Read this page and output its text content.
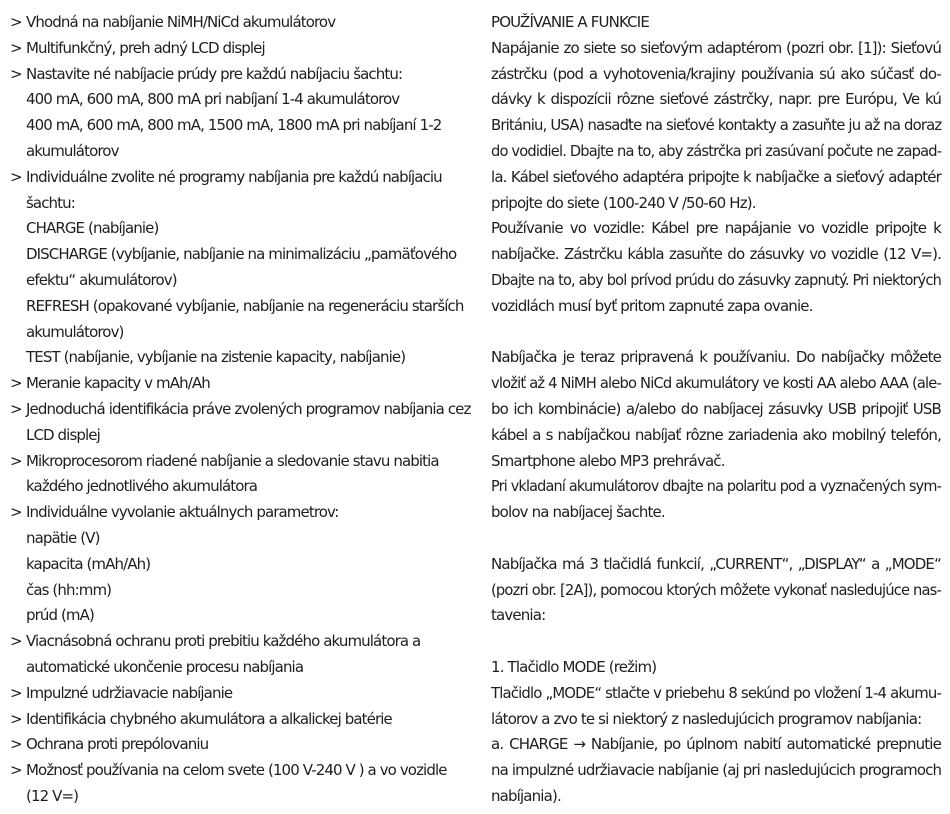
> Vhodná na nabíjanie NiMH/NiCd akumulátorov
> Multifunkčný, preh adný LCD displej
> Nastavite né nabíjacie prúdy pre každú nabíjaciu šachtu:
400 mA, 600 mA, 800 mA pri nabíjaní 1-4 akumulátorov
400 mA, 600 mA, 800 mA, 1500 mA, 1800 mA pri nabíjaní 1-2
akumulátorov
> Individuálne zvolite né programy nabíjania pre každú nabíjaciu
šachtu:
CHARGE (nabíjanie)
DISCHARGE (vybíjanie, nabíjanie na minimalizáciu „pamäťového
efektu“ akumulátorov)
REFRESH (opakované vybíjanie, nabíjanie na regeneráciu starších
akumulátorov)
TEST (nabíjanie, vybíjanie na zistenie kapacity, nabíjanie)
> Meranie kapacity v mAh/Ah
> Jednoduchá identifikácia práve zvolených programov nabíjania cez
LCD displej
> Mikroprocesorom riadené nabíjanie a sledovanie stavu nabitia
každého jednotlivého akumulátora
> Individuálne vyvolanie aktuálnych parametrov:
napätie (V)
kapacita (mAh/Ah)
čas (hh:mm)
prúd (mA)
> Viacnásobná ochranu proti prebitiu každého akumulátora a
automatické ukončenie procesu nabíjania
> Impulzné udržiavacie nabíjanie
> Identifikácia chybného akumulátora a alkalickej batérie
> Ochrana proti prepólovaniu
> Možnosť používania na celom svete (100 V-240 V ) a vo vozidle
(12 V=)
POUŽÍVANIE A FUNKCIE
Napájanie zo siete so sieťovým adaptérom (pozri obr. [1]): Sieťovú
zástrčku (pod a vyhotovenia/krajiny používania sú ako súčasť do-
dávky k dispozícii rôzne sieťové zástrčky, napr. pre Európu, Ve kú
Britániu, USA) nasaďte na sieťové kontakty a zasuňte ju až na doraz
do vodidiel. Dbajte na to, aby zástrčka pri zasúvaní počute ne zapad-
la. Kábel sieťového adaptéra pripojte k nabíjačke a sieťový adaptér
pripojte do siete (100-240 V /50-60 Hz).
Používanie vo vozidle: Kábel pre napájanie vo vozidle pripojte k
nabíjačke. Zástrčku kábla zasuňte do zásuvky vo vozidle (12 V=).
Dbajte na to, aby bol prívod prúdu do zásuvky zapnutý. Pri niektorých
vozidlách musí byť pritom zapnuté zapa ovanie.
Nabíjačka je teraz pripravená k používaniu. Do nabíjačky môžete
vložiť až 4 NiMH alebo NiCd akumulátory ve kosti AA alebo AAA (ale-
bo ich kombinácie) a/alebo do nabíjacej zásuvky USB pripojiť USB
kábel a s nabíjačkou nabíjať rôzne zariadenia ako mobilný telefón,
Smartphone alebo MP3 prehrávač.
Pri vkladaní akumulátorov dbajte na polaritu pod a vyznačených sym-
bolov na nabíjacej šachte.
Nabíjačka má 3 tlačidlá funkcií, „CURRENT“, „DISPLAY“ a „MODE“
(pozri obr. [2A]), pomocou ktorých môžete vykonať nasledujúce nas-
tavenia:
1. Tlačidlo MODE (režim)
Tlačidlo „MODE“ stlačte v priebehu 8 sekúnd po vložení 1-4 akumu-
látorov a zvo te si niektorý z nasledujúcich programov nabíjania:
a. CHARGE → Nabíjanie, po úplnom nabití automatické prepnutie
na impulzné udržiavacie nabíjanie (aj pri nasledujúcich programoch
nabíjania).
